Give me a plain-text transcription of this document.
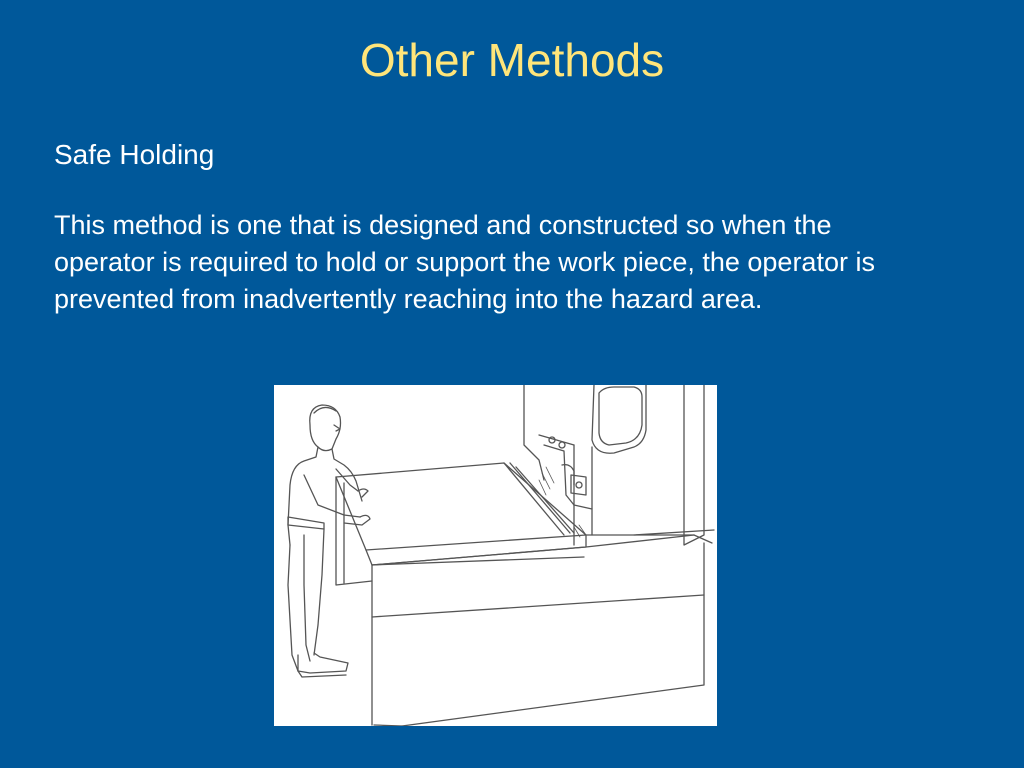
Other Methods
Safe Holding
This method is one that is designed and constructed so when the operator is required to hold or support the work piece, the operator is prevented from inadvertently reaching into the hazard area.
